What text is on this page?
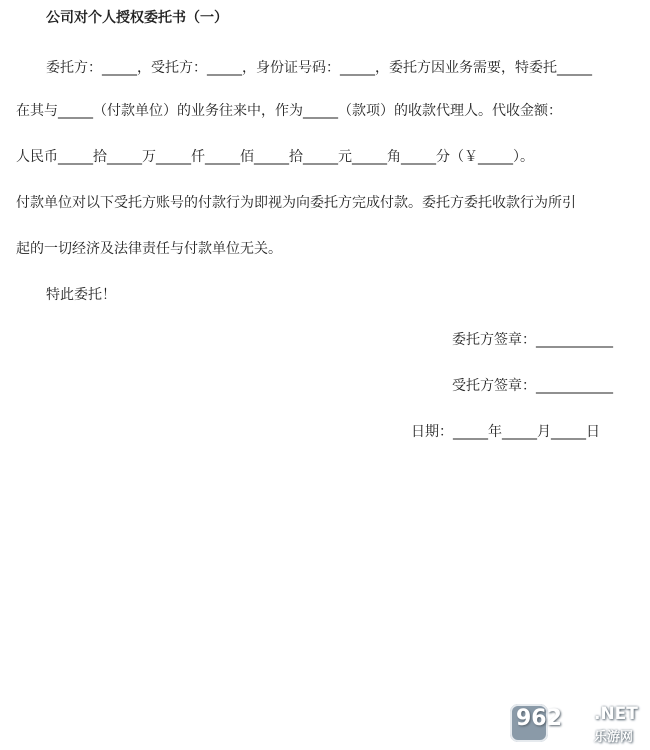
公司对个人授权委托书（一）
委托方：_____，受托方：_____，身份证号码：_____，委托方因业务需要，特委托_____
在其与_____（付款单位）的业务往来中，作为_____（款项）的收款代理人。代收金额：
人民币_____拾_____万_____仟_____佰_____拾_____元_____角_____分（￥_____）。
付款单位对以下受托方账号的付款行为即视为向委托方完成付款。委托方委托收款行为所引
起的一切经济及法律责任与付款单位无关。
特此委托！
委托方签章：___________
受托方签章：___________
日期：_____年_____月_____日
962 .NET
乐游网
